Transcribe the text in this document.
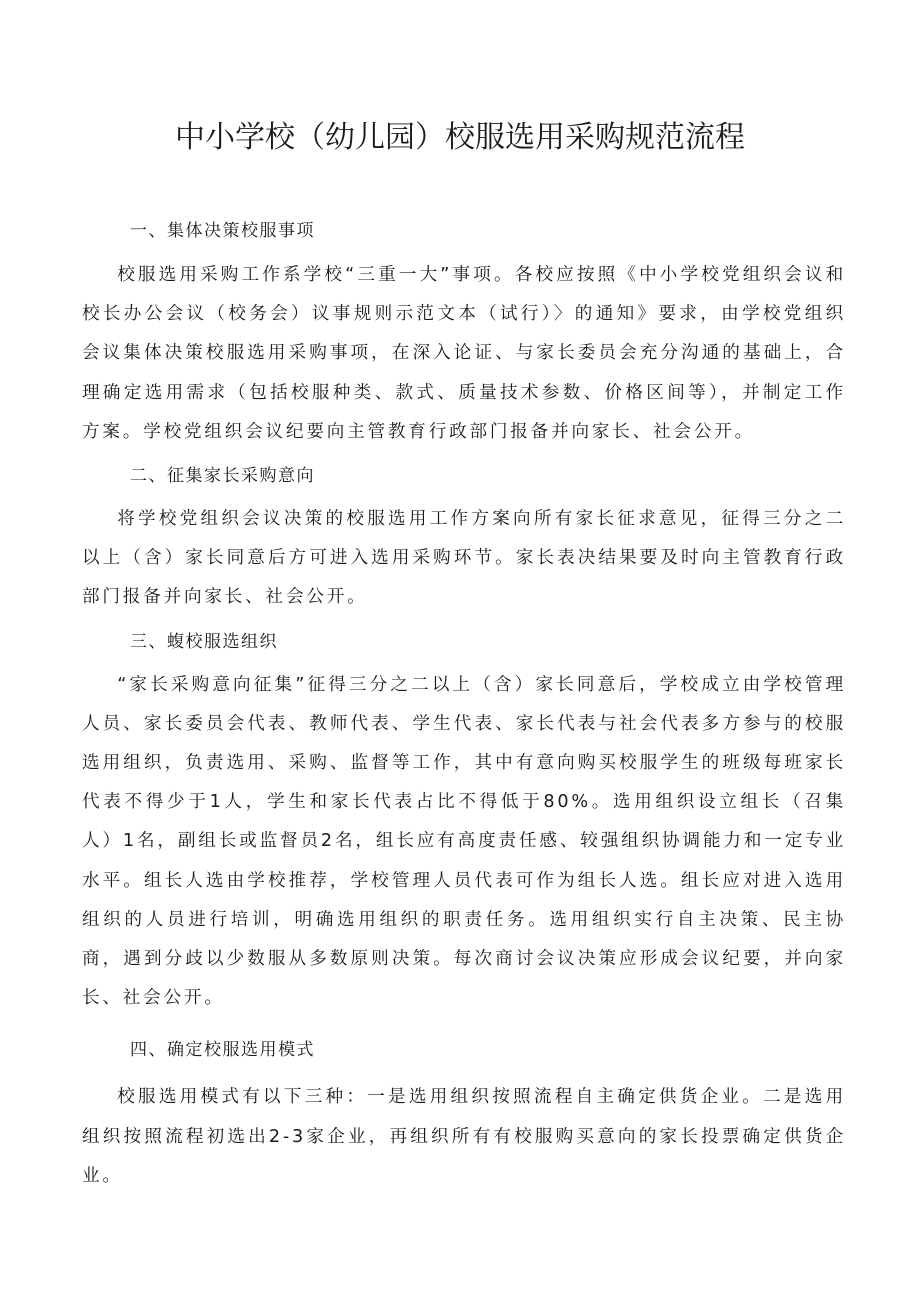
中小学校（幼儿园）校服选用采购规范流程

一、集体决策校服事项

校服选用采购工作系学校“三重一大”事项。各校应按照《中小学校党组织会议和校长办公会议（校务会）议事规则示范文本（试行）〉的通知》要求，由学校党组织会议集体决策校服选用采购事项，在深入论证、与家长委员会充分沟通的基础上，合理确定选用需求（包括校服种类、款式、质量技术参数、价格区间等），并制定工作方案。学校党组织会议纪要向主管教育行政部门报备并向家长、社会公开。

二、征集家长采购意向

将学校党组织会议决策的校服选用工作方案向所有家长征求意见，征得三分之二以上（含）家长同意后方可进入选用采购环节。家长表决结果要及时向主管教育行政部门报备并向家长、社会公开。

三、蝮校服选组织

“家长采购意向征集”征得三分之二以上（含）家长同意后，学校成立由学校管理人员、家长委员会代表、教师代表、学生代表、家长代表与社会代表多方参与的校服选用组织，负责选用、采购、监督等工作，其中有意向购买校服学生的班级每班家长代表不得少于1人，学生和家长代表占比不得低于80%。选用组织设立组长（召集人）1名，副组长或监督员2名，组长应有高度责任感、较强组织协调能力和一定专业水平。组长人选由学校推荐，学校管理人员代表可作为组长人选。组长应对进入选用组织的人员进行培训，明确选用组织的职责任务。选用组织实行自主决策、民主协商，遇到分歧以少数服从多数原则决策。每次商讨会议决策应形成会议纪要，并向家长、社会公开。

四、确定校服选用模式

校服选用模式有以下三种：一是选用组织按照流程自主确定供货企业。二是选用组织按照流程初选出2-3家企业，再组织所有有校服购买意向的家长投票确定供货企业。
